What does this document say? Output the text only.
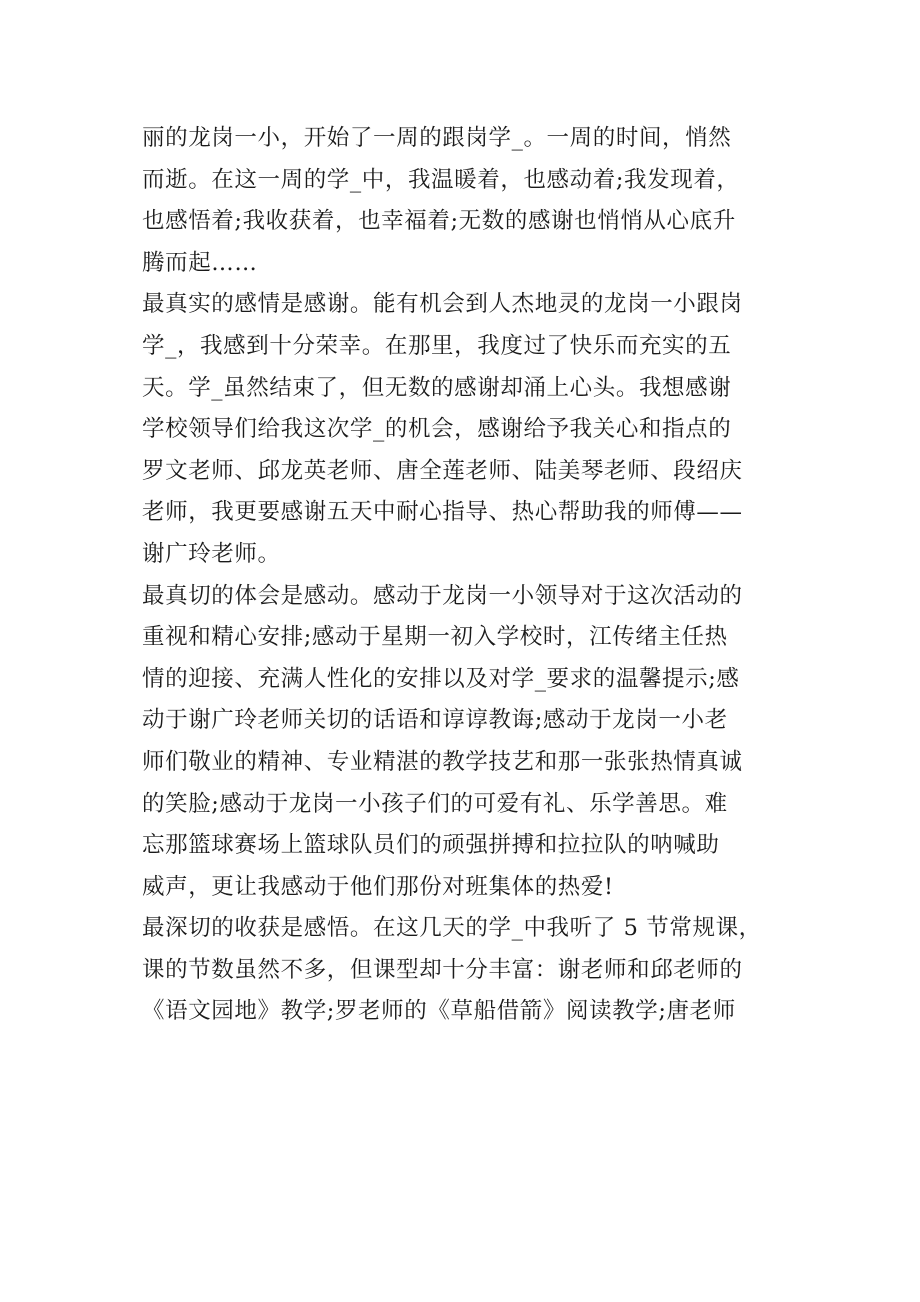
丽的龙岗一小，开始了一周的跟岗学_。一周的时间，悄然
而逝。在这一周的学_中，我温暖着，也感动着;我发现着，
也感悟着;我收获着，也幸福着;无数的感谢也悄悄从心底升
腾而起……
最真实的感情是感谢。能有机会到人杰地灵的龙岗一小跟岗
学_，我感到十分荣幸。在那里，我度过了快乐而充实的五
天。学_虽然结束了，但无数的感谢却涌上心头。我想感谢
学校领导们给我这次学_的机会，感谢给予我关心和指点的
罗文老师、邱龙英老师、唐全莲老师、陆美琴老师、段绍庆
老师，我更要感谢五天中耐心指导、热心帮助我的师傅——
谢广玲老师。
最真切的体会是感动。感动于龙岗一小领导对于这次活动的
重视和精心安排;感动于星期一初入学校时，江传绪主任热
情的迎接、充满人性化的安排以及对学_要求的温馨提示;感
动于谢广玲老师关切的话语和谆谆教诲;感动于龙岗一小老
师们敬业的精神、专业精湛的教学技艺和那一张张热情真诚
的笑脸;感动于龙岗一小孩子们的可爱有礼、乐学善思。难
忘那篮球赛场上篮球队员们的顽强拼搏和拉拉队的呐喊助
威声，更让我感动于他们那份对班集体的热爱!
最深切的收获是感悟。在这几天的学_中我听了 5 节常规课，
课的节数虽然不多，但课型却十分丰富：谢老师和邱老师的
《语文园地》教学;罗老师的《草船借箭》阅读教学;唐老师
